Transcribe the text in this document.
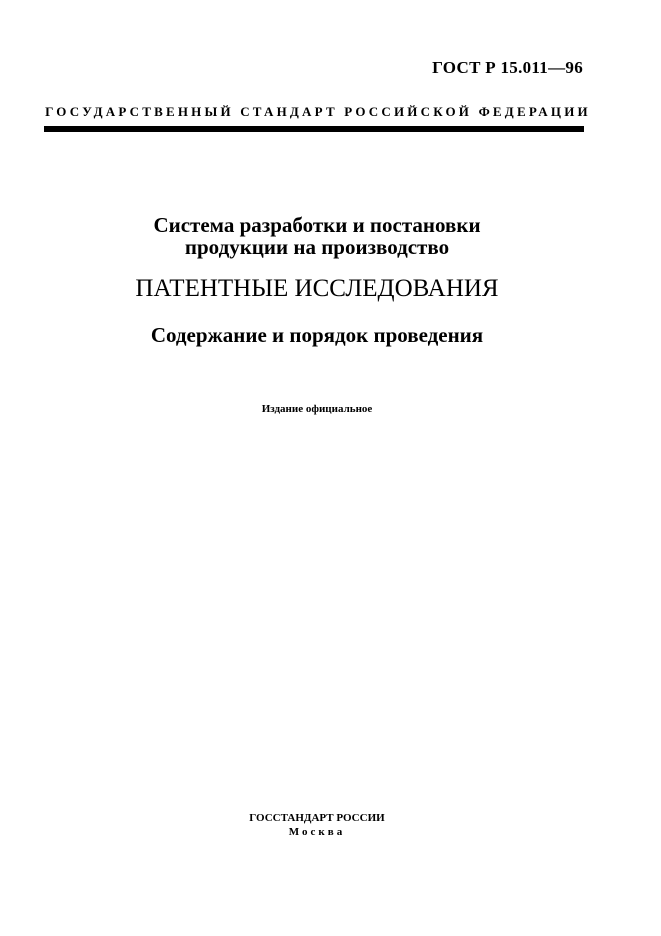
ГОСТ Р 15.011—96
ГОСУДАРСТВЕННЫЙ СТАНДАРТ РОССИЙСКОЙ ФЕДЕРАЦИИ
Система разработки и постановки
продукции на производство
ПАТЕНТНЫЕ ИССЛЕДОВАНИЯ
Содержание и порядок проведения
Издание официальное
ГОССТАНДАРТ РОССИИ
Москва
